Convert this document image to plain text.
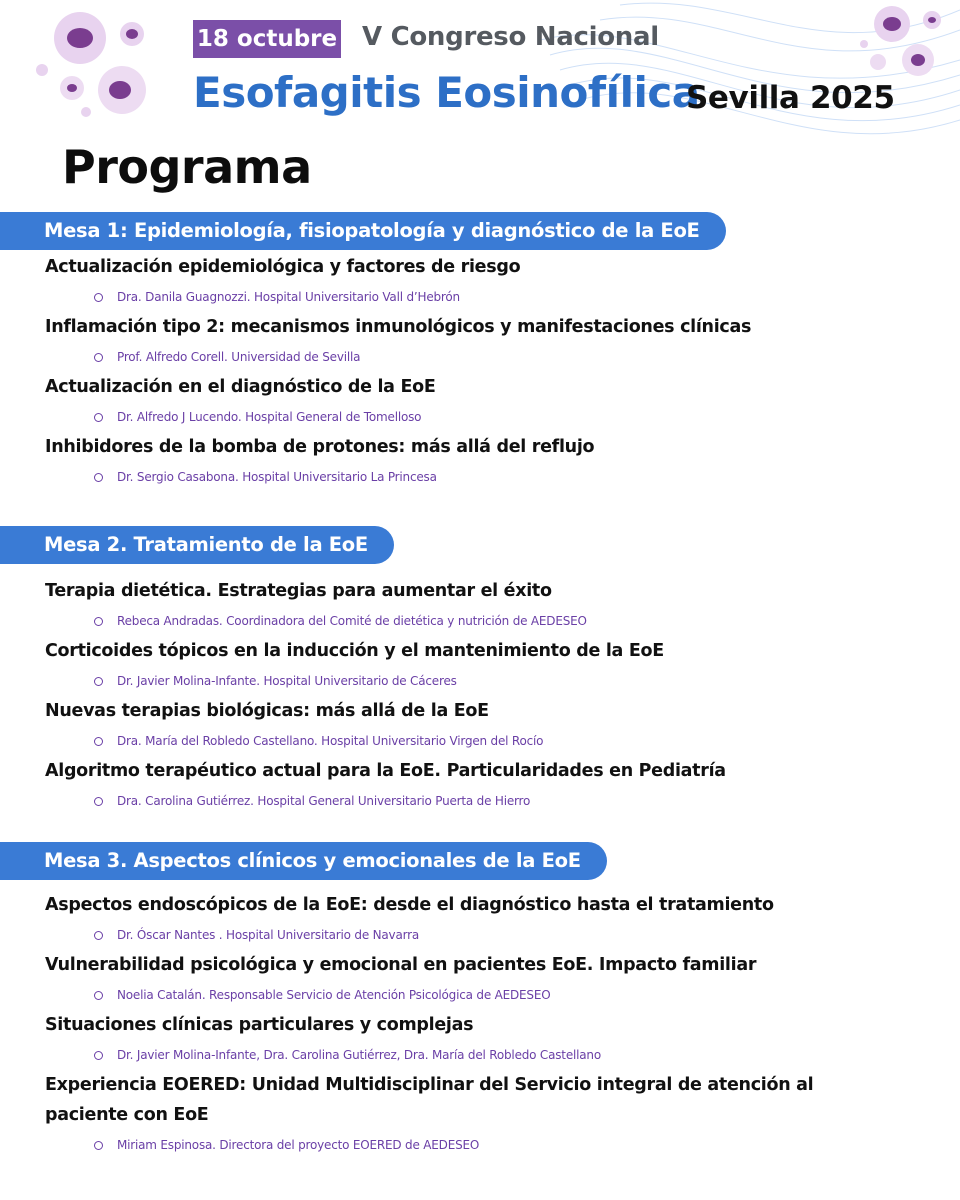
18 octubre V Congreso Nacional
Esofagitis Eosinofílica
Sevilla 2025
Programa
Mesa 1: Epidemiología, fisiopatología y diagnóstico de la EoE
Actualización epidemiológica y factores de riesgo
Dra. Danila Guagnozzi. Hospital Universitario Vall d’Hebrón
Inflamación tipo 2: mecanismos inmunológicos y manifestaciones clínicas
Prof. Alfredo Corell. Universidad de Sevilla
Actualización en el diagnóstico de la EoE
Dr. Alfredo J Lucendo. Hospital General de Tomelloso
Inhibidores de la bomba de protones: más allá del reflujo
Dr. Sergio Casabona. Hospital Universitario La Princesa
Mesa 2. Tratamiento de la EoE
Terapia dietética. Estrategias para aumentar el éxito
Rebeca Andradas. Coordinadora del Comité de dietética y nutrición de AEDESEO
Corticoides tópicos en la inducción y el mantenimiento de la EoE
Dr. Javier Molina-Infante. Hospital Universitario de Cáceres
Nuevas terapias biológicas: más allá de la EoE
Dra. María del Robledo Castellano. Hospital Universitario Virgen del Rocío
Algoritmo terapéutico actual para la EoE. Particularidades en Pediatría
Dra. Carolina Gutiérrez. Hospital General Universitario Puerta de Hierro
Mesa 3. Aspectos clínicos y emocionales de la EoE
Aspectos endoscópicos de la EoE: desde el diagnóstico hasta el tratamiento
Dr. Óscar Nantes . Hospital Universitario de Navarra
Vulnerabilidad psicológica y emocional en pacientes EoE. Impacto familiar
Noelia Catalán. Responsable Servicio de Atención Psicológica de AEDESEO
Situaciones clínicas particulares y complejas
Dr. Javier Molina-Infante, Dra. Carolina Gutiérrez, Dra. María del Robledo Castellano
Experiencia EOERED: Unidad Multidisciplinar del Servicio integral de atención al paciente con EoE
Miriam Espinosa. Directora del proyecto EOERED de AEDESEO
